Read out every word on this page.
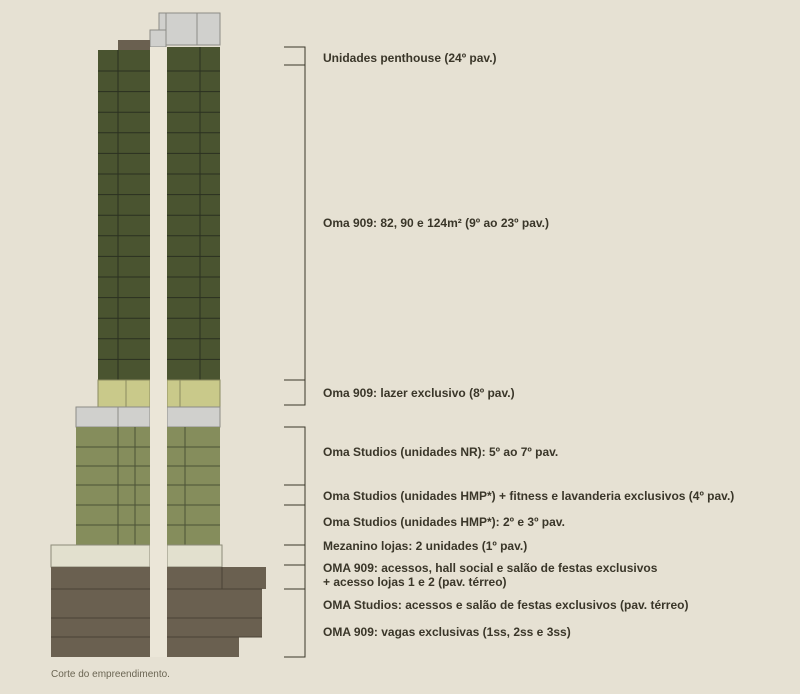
Unidades penthouse (24º pav.)
Oma 909: 82, 90 e 124m² (9º ao 23º pav.)
Oma 909: lazer exclusivo (8º pav.)
Oma Studios (unidades NR): 5º ao 7º pav.
Oma Studios (unidades HMP*) + fitness e lavanderia exclusivos (4º pav.)
Oma Studios (unidades HMP*): 2º e 3º pav.
Mezanino lojas: 2 unidades (1º pav.)
OMA 909: acessos, hall social e salão de festas exclusivos
+ acesso lojas 1 e 2 (pav. térreo)
OMA Studios: acessos e salão de festas exclusivos (pav. térreo)
OMA 909: vagas exclusivas (1ss, 2ss e 3ss)
Corte do empreendimento.
